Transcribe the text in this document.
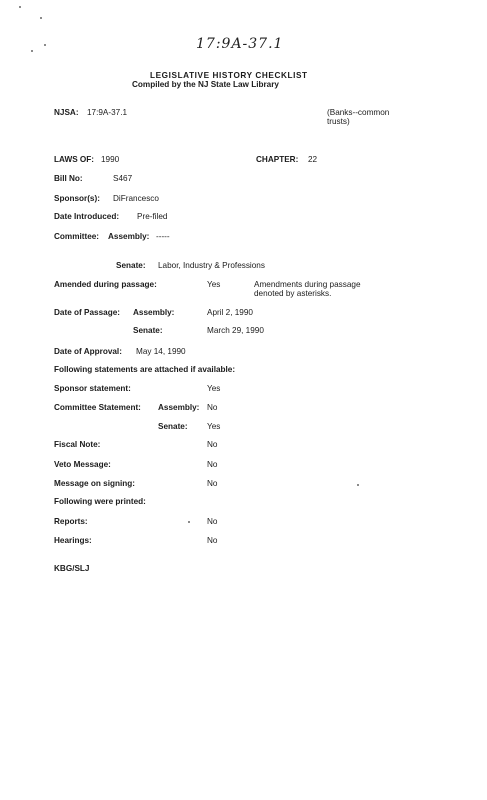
17:9A-37.1
LEGISLATIVE HISTORY CHECKLIST
Compiled by the NJ State Law Library
NJSA: 17:9A-37.1	(Banks--common
trusts)
LAWS OF: 1990	CHAPTER: 22
Bill No:	S467
Sponsor(s): DiFrancesco
Date Introduced: Pre-filed
Committee: Assembly: -----
Senate: Labor, Industry & Professions
Amended during passage:	Yes	Amendments during passage
denoted by asterisks.
Date of Passage: Assembly:	April 2, 1990
Senate:	March 29, 1990
Date of Approval: May 14, 1990
Following statements are attached if available:
Sponsor statement:	Yes
Committee Statement: Assembly: No
Senate: Yes
Fiscal Note:	No
Veto Message:	No
Message on signing:	No
Following were printed:
Reports:	No
Hearings:	No
KBG/SLJ
